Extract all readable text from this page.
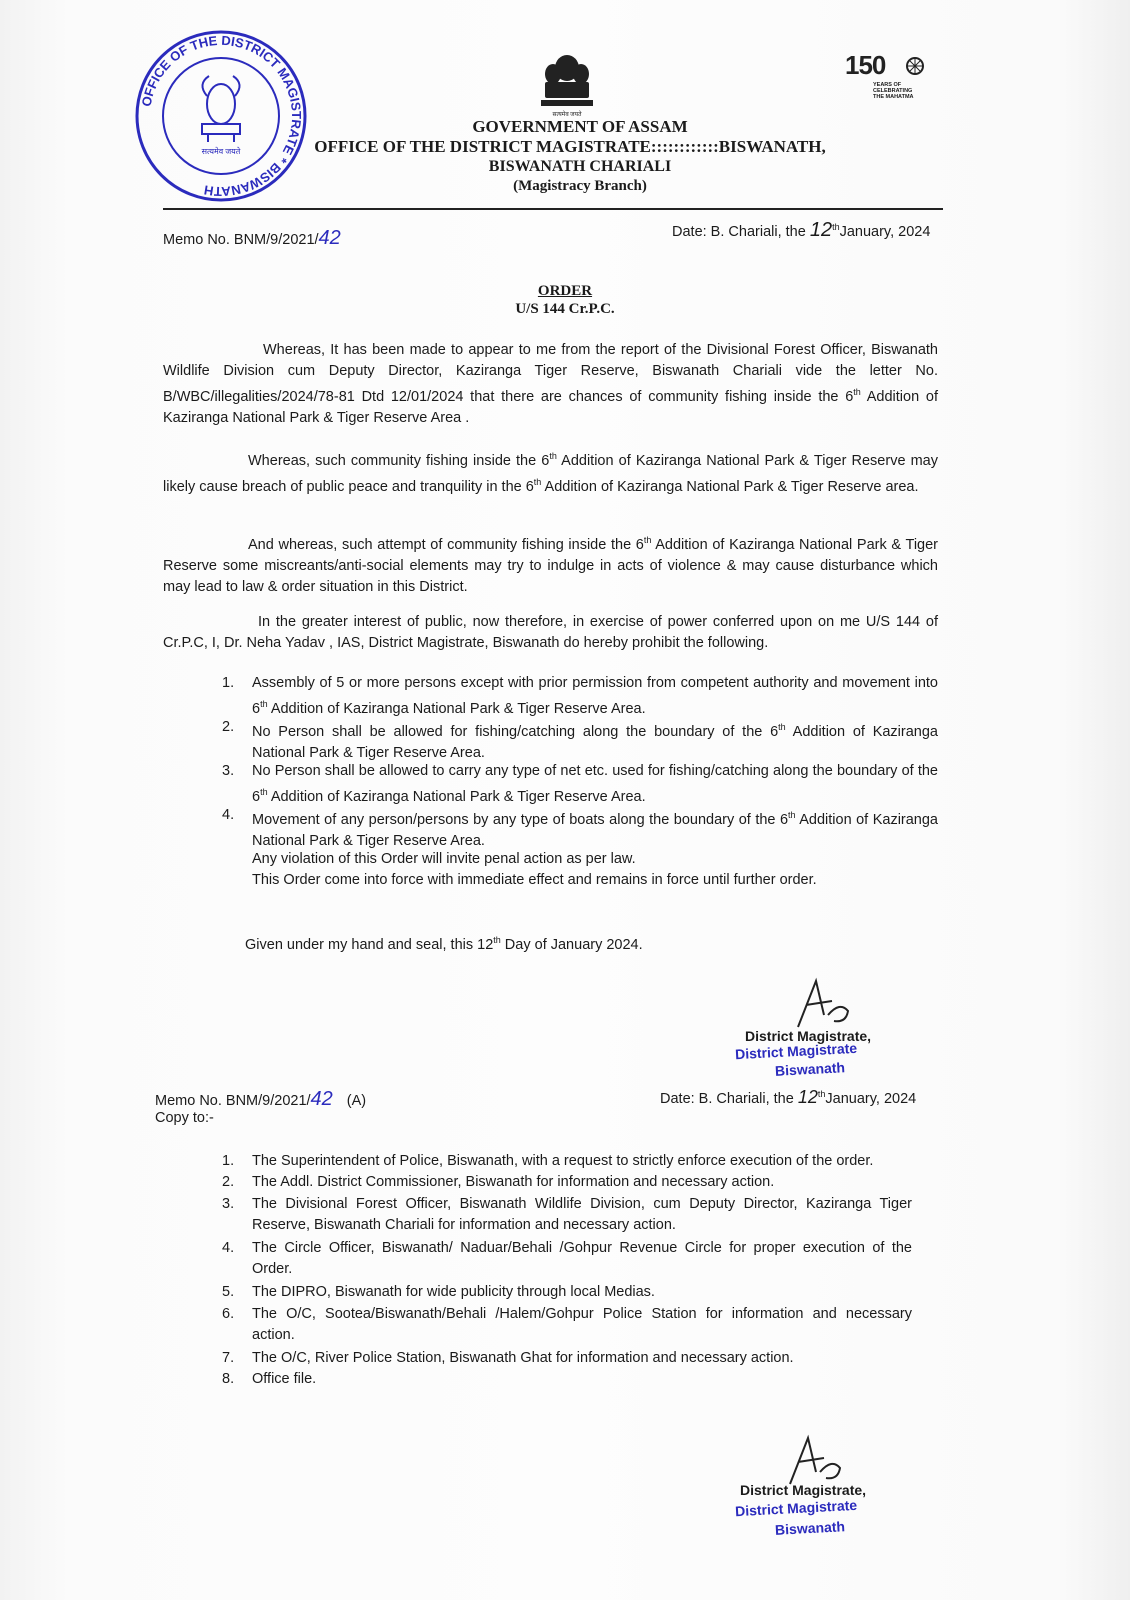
OFFICE OF THE DISTRICT MAGISTRATE * BISWANATH
सत्यमेव जयते
सत्यमेव जयते
150
YEARS OF
CELEBRATING
THE MAHATMA
GOVERNMENT OF ASSAM
OFFICE OF THE DISTRICT MAGISTRATE::::::::::::BISWANATH,
BISWANATH CHARIALI
(Magistracy Branch)
Memo No. BNM/9/2021/42	Date: B. Chariali, the 12thJanuary, 2024
ORDER
U/S 144 Cr.P.C.
Whereas, It has been made to appear to me from the report of the Divisional Forest Officer, Biswanath Wildlife Division cum Deputy Director, Kaziranga Tiger Reserve, Biswanath Chariali vide the letter No. B/WBC/illegalities/2024/78-81 Dtd 12/01/2024 that there are chances of community fishing inside the 6th Addition of Kaziranga National Park & Tiger Reserve Area .
Whereas, such community fishing inside the 6th Addition of Kaziranga National Park & Tiger Reserve may likely cause breach of public peace and tranquility in the 6th Addition of Kaziranga National Park & Tiger Reserve area.
And whereas, such attempt of community fishing inside the 6th Addition of Kaziranga National Park & Tiger Reserve some miscreants/anti-social elements may try to indulge in acts of violence & may cause disturbance which may lead to law & order situation in this District.
In the greater interest of public, now therefore, in exercise of power conferred upon on me U/S 144 of Cr.P.C, I, Dr. Neha Yadav , IAS, District Magistrate, Biswanath do hereby prohibit the following.
1.	Assembly of 5 or more persons except with prior permission from competent authority and movement into 6th Addition of Kaziranga National Park & Tiger Reserve Area.
2.	No Person shall be allowed for fishing/catching along the boundary of the 6th Addition of Kaziranga National Park & Tiger Reserve Area.
3.	No Person shall be allowed to carry any type of net etc. used for fishing/catching along the boundary of the 6th Addition of Kaziranga National Park & Tiger Reserve Area.
4.	Movement of any person/persons by any type of boats along the boundary of the 6th Addition of Kaziranga National Park & Tiger Reserve Area.
Any violation of this Order will invite penal action as per law.
This Order come into force with immediate effect and remains in force until further order.
Given under my hand and seal, this 12th Day of January 2024.
District Magistrate,
District Magistrate
Biswanath
Memo No. BNM/9/2021/42 (A)	Date: B. Chariali, the 12thJanuary, 2024
Copy to:-
1.	The Superintendent of Police, Biswanath, with a request to strictly enforce execution of the order.
2.	The Addl. District Commissioner, Biswanath for information and necessary action.
3.	The Divisional Forest Officer, Biswanath Wildlife Division, cum Deputy Director, Kaziranga Tiger Reserve, Biswanath Chariali for information and necessary action.
4.	The Circle Officer, Biswanath/ Naduar/Behali /Gohpur Revenue Circle for proper execution of the Order.
5.	The DIPRO, Biswanath for wide publicity through local Medias.
6.	The O/C, Sootea/Biswanath/Behali /Halem/Gohpur Police Station for information and necessary action.
7.	The O/C, River Police Station, Biswanath Ghat for information and necessary action.
8.	Office file.
District Magistrate,
District Magistrate
Biswanath
